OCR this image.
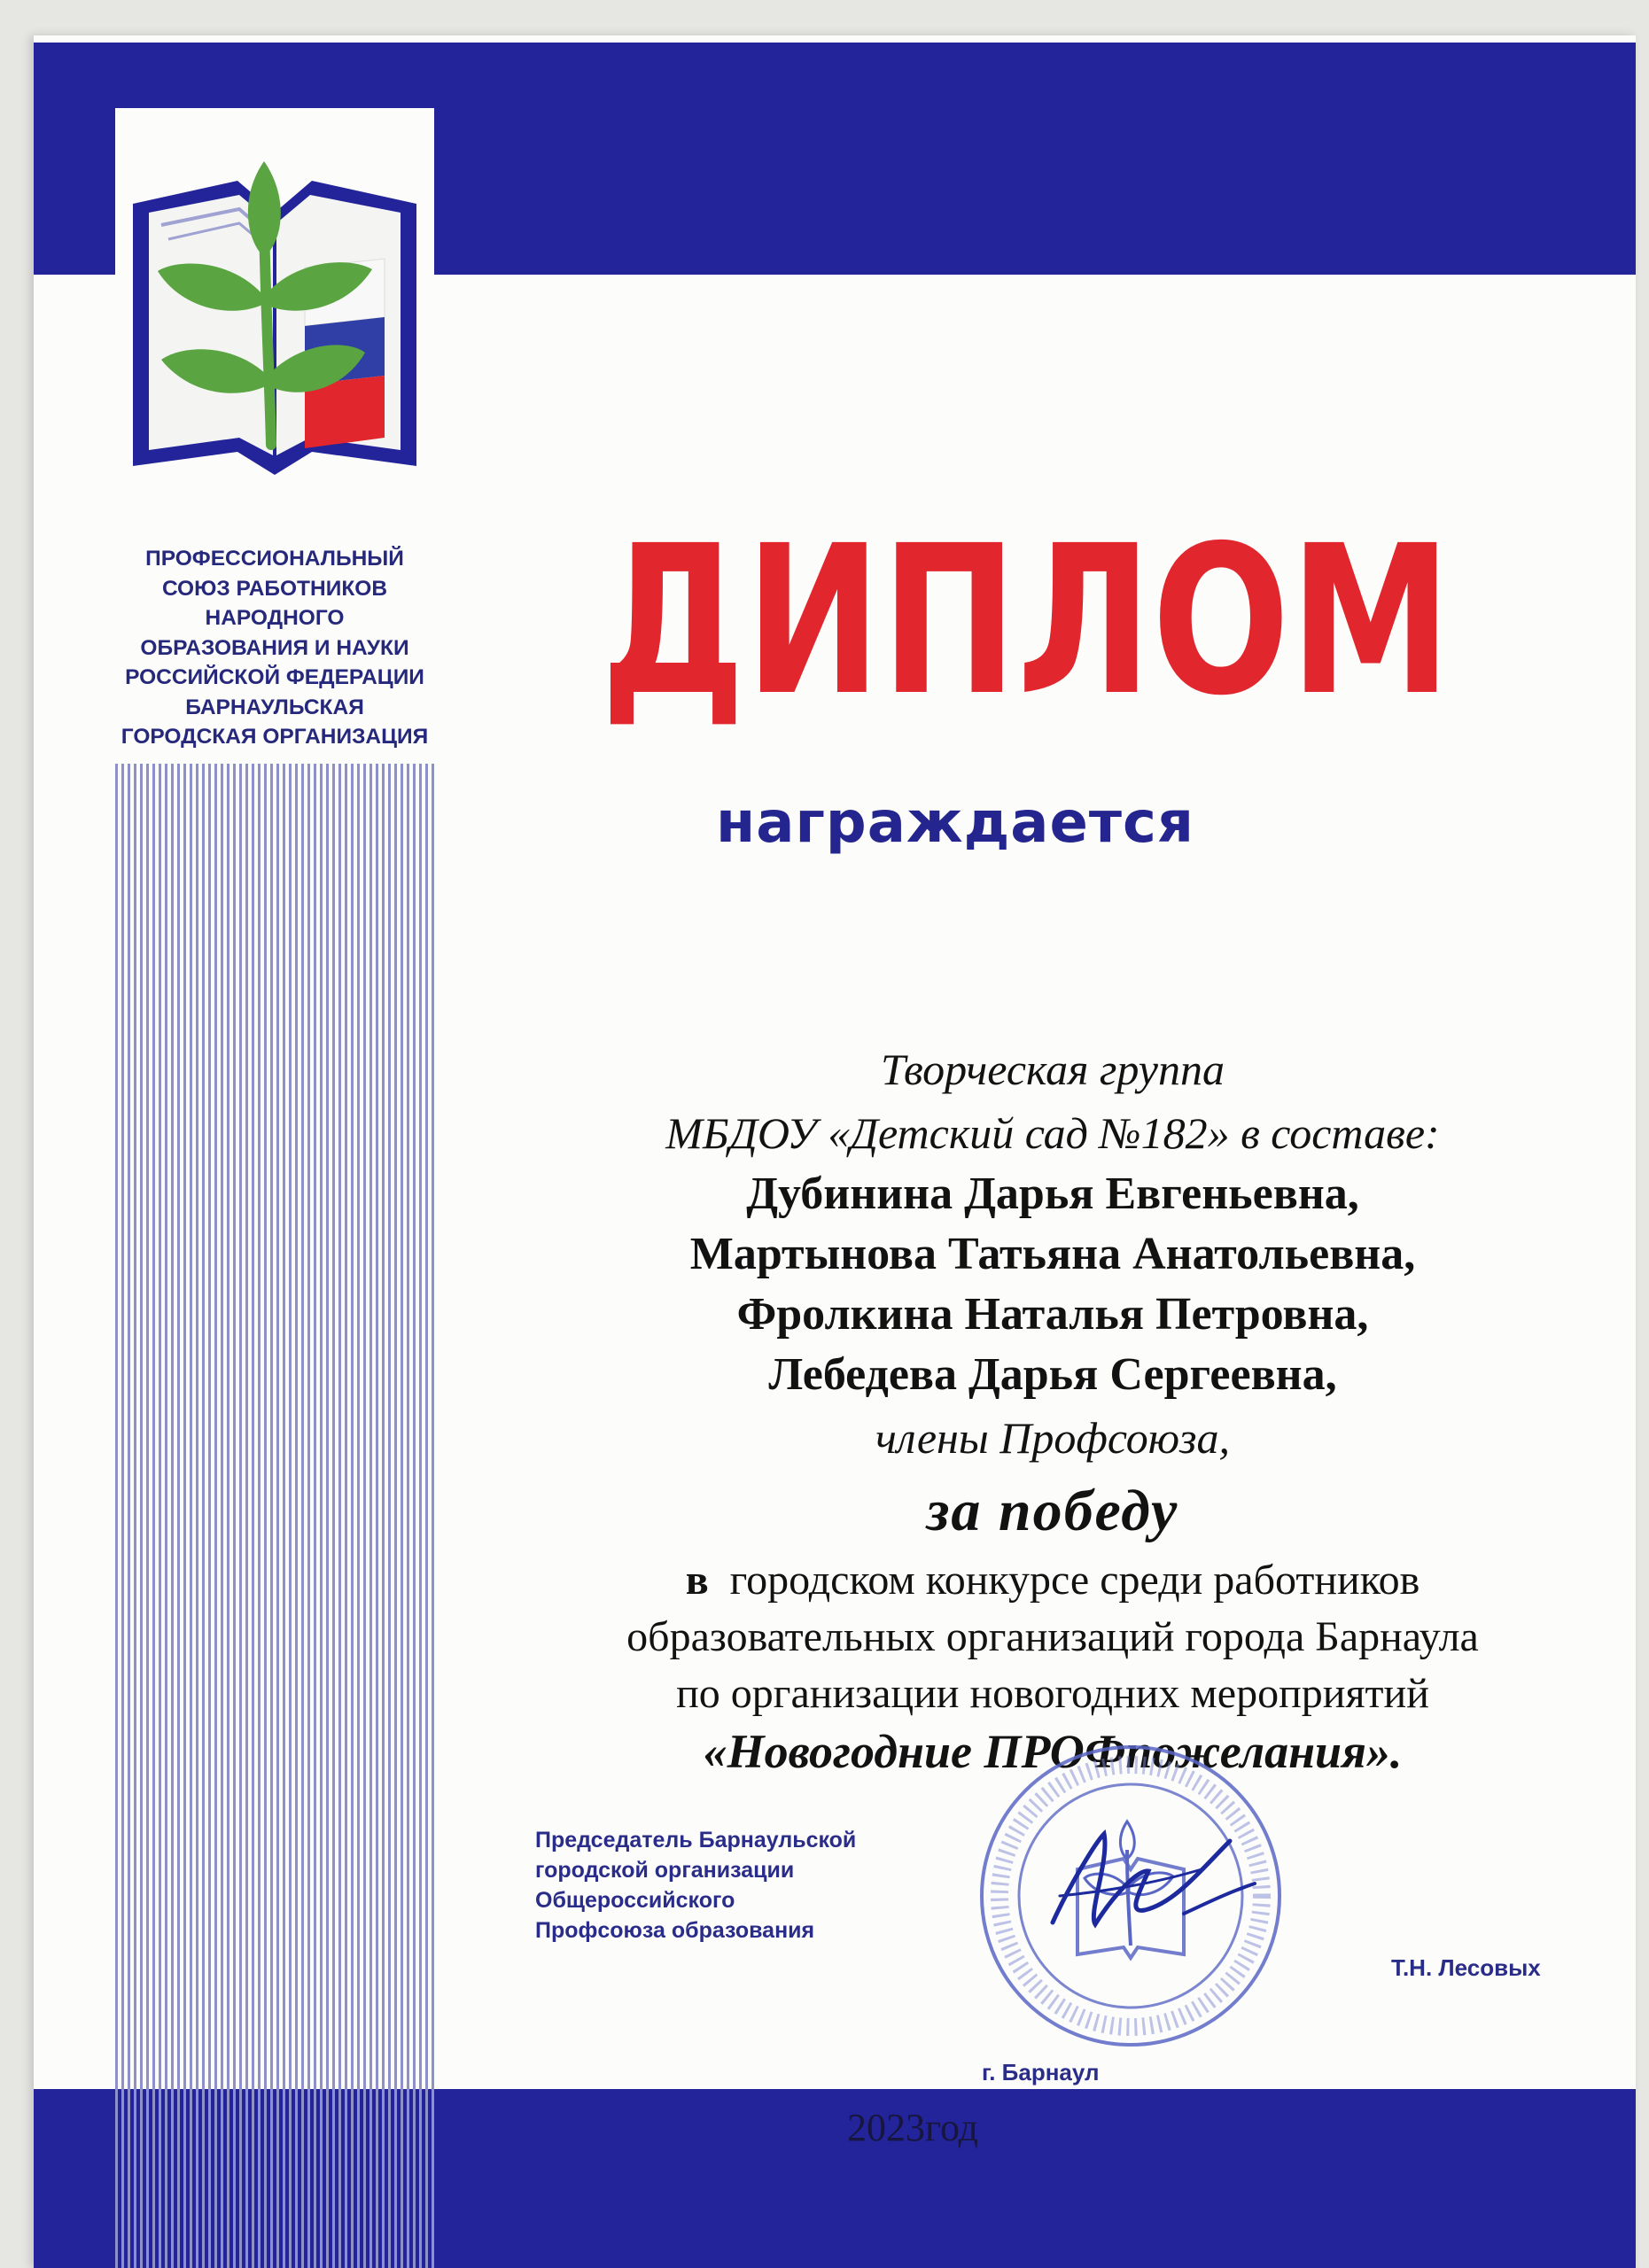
ПРОФЕССИОНАЛЬНЫЙ
СОЮЗ РАБОТНИКОВ
НАРОДНОГО
ОБРАЗОВАНИЯ И НАУКИ
РОССИЙСКОЙ ФЕДЕРАЦИИ
БАРНАУЛЬСКАЯ
ГОРОДСКАЯ ОРГАНИЗАЦИЯ ДИПЛОМ

награждается

Творческая группа

МБДОУ «Детский сад №182» в составе:

Дубинина Дарья Евгеньевна,

Мартынова Татьяна Анатольевна,

Фролкина Наталья Петровна,

Лебедева Дарья Сергеевна,

члены Профсоюза,

за победу

в городском конкурсе среди работников

образовательных организаций города Барнаула

по организации новогодних мероприятий

«Новогодние ПРОФпожелания».

Председатель Барнаульской
городской организации
Общероссийского
Профсоюза образования

Т.Н. Лесовых

г. Барнаул

2023год
